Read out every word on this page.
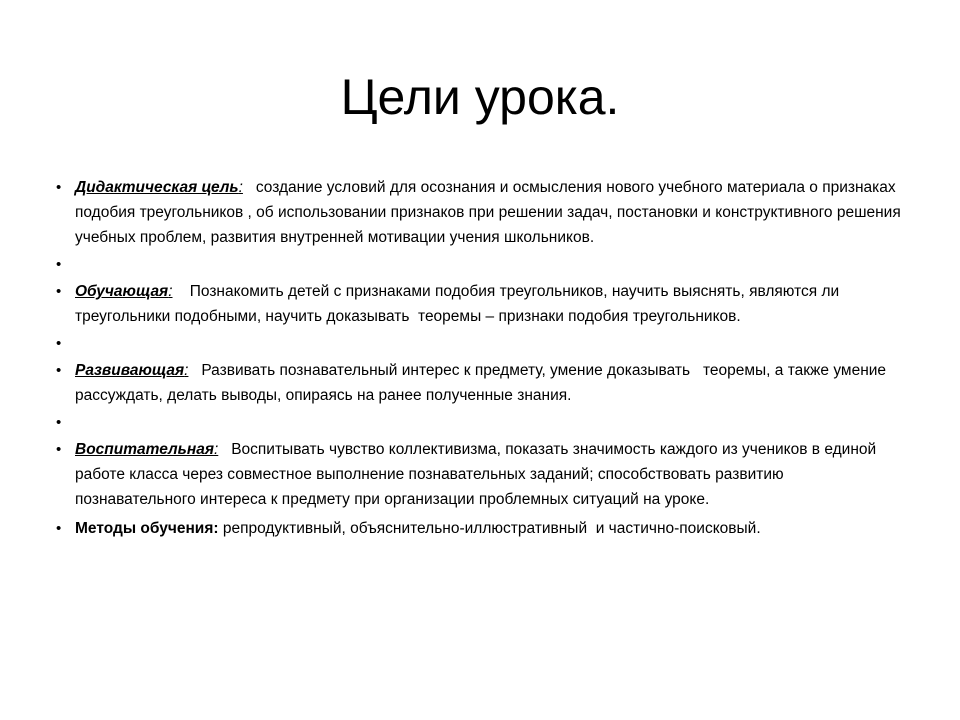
Цели урока.
• Дидактическая цель:   создание условий для осознания и осмысления нового учебного материала о признаках  подобия треугольников , об использовании признаков при решении задач, постановки и конструктивного решения учебных проблем, развития внутренней мотивации учения школьников.
•
• Обучающая:    Познакомить детей с признаками подобия треугольников, научить выяснять, являются ли треугольники подобными, научить доказывать  теоремы – признаки подобия треугольников.
•
• Развивающая:   Развивать познавательный интерес к предмету, умение доказывать   теоремы, а также умение рассуждать, делать выводы, опираясь на ранее полученные знания.
•
• Воспитательная:   Воспитывать чувство коллективизма, показать значимость каждого из учеников в единой работе класса через совместное выполнение познавательных заданий; способствовать развитию познавательного интереса к предмету при организации проблемных ситуаций на уроке.
• Методы обучения: репродуктивный, объяснительно-иллюстративный  и частично-поисковый.
